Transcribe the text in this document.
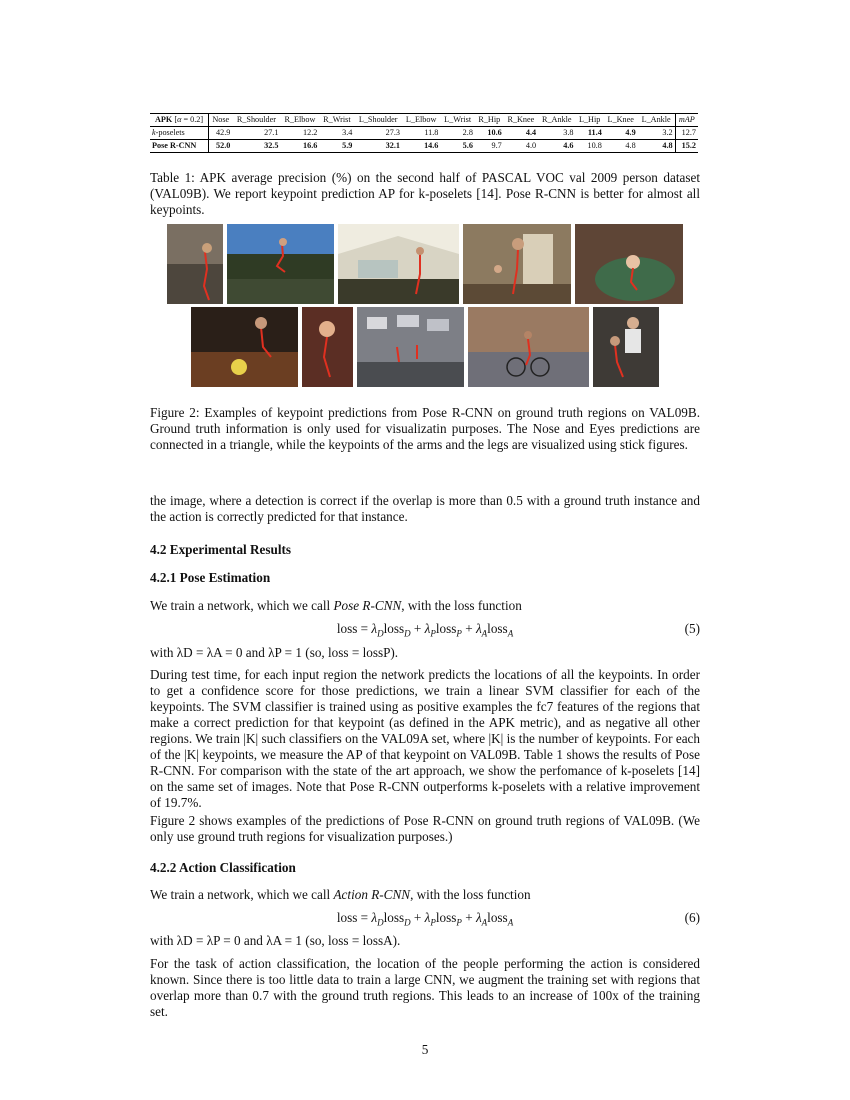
APK [α = 0.2]	Nose	R_Shoulder	R_Elbow	R_Wrist	L_Shoulder	L_Elbow	L_Wrist	R_Hip	R_Knee	R_Ankle	L_Hip	L_Knee	L_Ankle	mAP
k-poselets	42.9	27.1	12.2	3.4	27.3	11.8	2.8	10.6	4.4	3.8	11.4	4.9	3.2	12.7
Pose R-CNN	52.0	32.5	16.6	5.9	32.1	14.6	5.6	9.7	4.0	4.6	10.8	4.8	4.8	15.2

Table 1: APK average precision (%) on the second half of PASCAL VOC val 2009 person dataset (VAL09B). We report keypoint prediction AP for k-poselets [14]. Pose R-CNN is better for almost all keypoints.

Figure 2: Examples of keypoint predictions from Pose R-CNN on ground truth regions on VAL09B. Ground truth information is only used for visualizatin purposes. The Nose and Eyes predictions are connected in a triangle, while the keypoints of the arms and the legs are visualized using stick figures.

the image, where a detection is correct if the overlap is more than 0.5 with a ground truth instance and the action is correctly predicted for that instance.

4.2 Experimental Results
4.2.1 Pose Estimation

We train a network, which we call Pose R-CNN, with the loss function

loss = $\lambda_Dloss_D$ + $\lambda_Ploss_P$ + $\lambda_Aloss_A$	(5)

with λD = λA = 0 and λP = 1 (so, loss = lossP).

During test time, for each input region the network predicts the locations of all the keypoints. In order to get a confidence score for those predictions, we train a linear SVM classifier for each of the keypoints. The SVM classifier is trained using as positive examples the fc7 features of the regions that make a correct prediction for that keypoint (as defined in the APK metric), and as negative all other regions. We train |K| such classifiers on the VAL09A set, where |K| is the number of keypoints. For each of the |K| keypoints, we measure the AP of that keypoint on VAL09B. Table 1 shows the results of Pose R-CNN. For comparison with the state of the art approach, we show the perfomance of k-poselets [14] on the same set of images. Note that Pose R-CNN outperforms k-poselets with a relative improvement of 19.7%.

Figure 2 shows examples of the predictions of Pose R-CNN on ground truth regions of VAL09B. (We only use ground truth regions for visualization purposes.)

4.2.2 Action Classification

We train a network, which we call Action R-CNN, with the loss function

loss = $\lambda_Dloss_D$ + $\lambda_Ploss_P$ + $\lambda_Aloss_A$	(6)

with λD = λP = 0 and λA = 1 (so, loss = lossA).

For the task of action classification, the location of the people performing the action is considered known. Since there is too little data to train a large CNN, we augment the training set with regions that overlap more than 0.7 with the ground truth regions. This leads to an increase of 100x of the training set.

5
